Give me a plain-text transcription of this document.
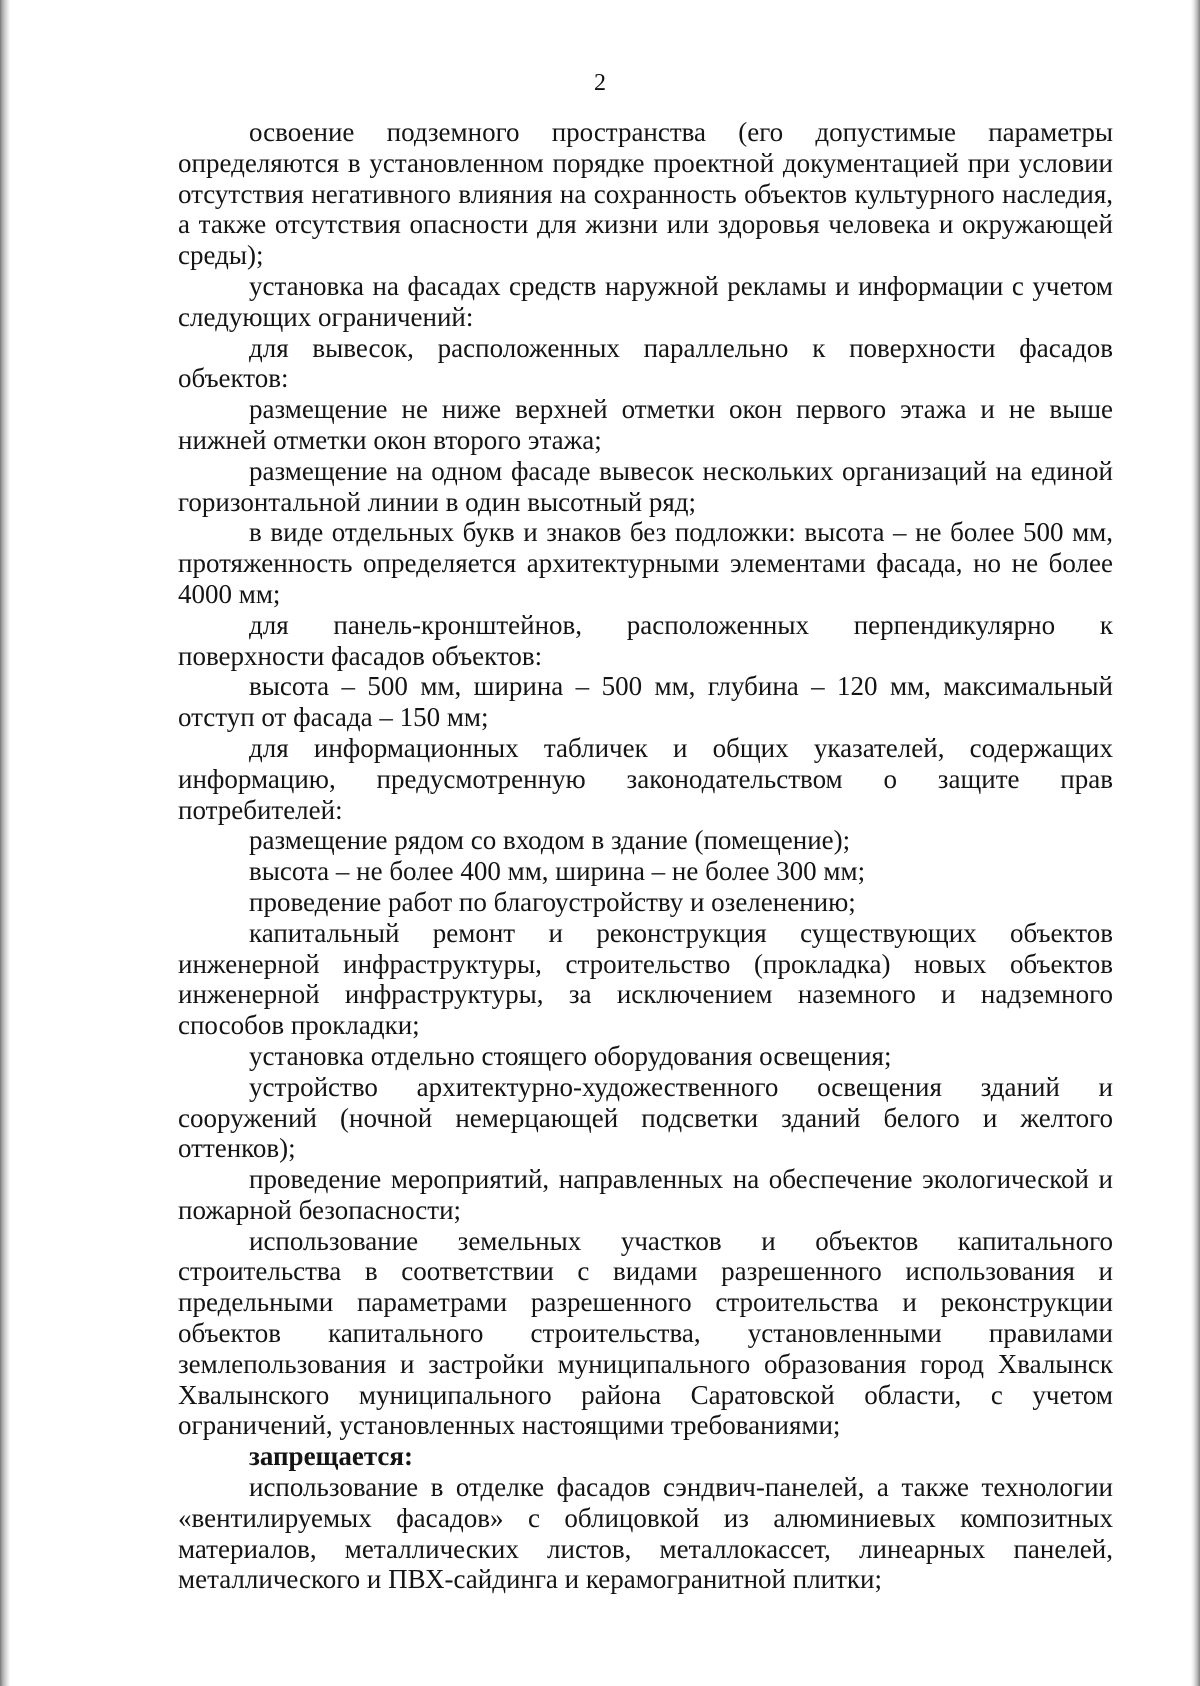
2

освоение подземного пространства (его допустимые параметры определяются в установленном порядке проектной документацией при условии отсутствия негативного влияния на сохранность объектов культурного наследия, а также отсутствия опасности для жизни или здоровья человека и окружающей среды);

установка на фасадах средств наружной рекламы и информации с учетом следующих ограничений:

для вывесок, расположенных параллельно к поверхности фасадов объектов:

размещение не ниже верхней отметки окон первого этажа и не выше нижней отметки окон второго этажа;

размещение на одном фасаде вывесок нескольких организаций на единой горизонтальной линии в один высотный ряд;

в виде отдельных букв и знаков без подложки: высота – не более 500 мм, протяженность определяется архитектурными элементами фасада, но не более 4000 мм;

для панель-кронштейнов, расположенных перпендикулярно к поверхности фасадов объектов:

высота – 500 мм, ширина – 500 мм, глубина – 120 мм, максимальный отступ от фасада – 150 мм;

для информационных табличек и общих указателей, содержащих информацию, предусмотренную законодательством о защите прав потребителей:

размещение рядом со входом в здание (помещение);

высота – не более 400 мм, ширина – не более 300 мм;

проведение работ по благоустройству и озеленению;

капитальный ремонт и реконструкция существующих объектов инженерной инфраструктуры, строительство (прокладка) новых объектов инженерной инфраструктуры, за исключением наземного и надземного способов прокладки;

установка отдельно стоящего оборудования освещения;

устройство архитектурно-художественного освещения зданий и сооружений (ночной немерцающей подсветки зданий белого и желтого оттенков);

проведение мероприятий, направленных на обеспечение экологической и пожарной безопасности;

использование земельных участков и объектов капитального строительства в соответствии с видами разрешенного использования и предельными параметрами разрешенного строительства и реконструкции объектов капитального строительства, установленными правилами землепользования и застройки муниципального образования город Хвалынск Хвалынского муниципального района Саратовской области, с учетом ограничений, установленных настоящими требованиями;

запрещается:

использование в отделке фасадов сэндвич-панелей, а также технологии «вентилируемых фасадов» с облицовкой из алюминиевых композитных материалов, металлических листов, металлокассет, линеарных панелей, металлического и ПВХ-сайдинга и керамогранитной плитки;
